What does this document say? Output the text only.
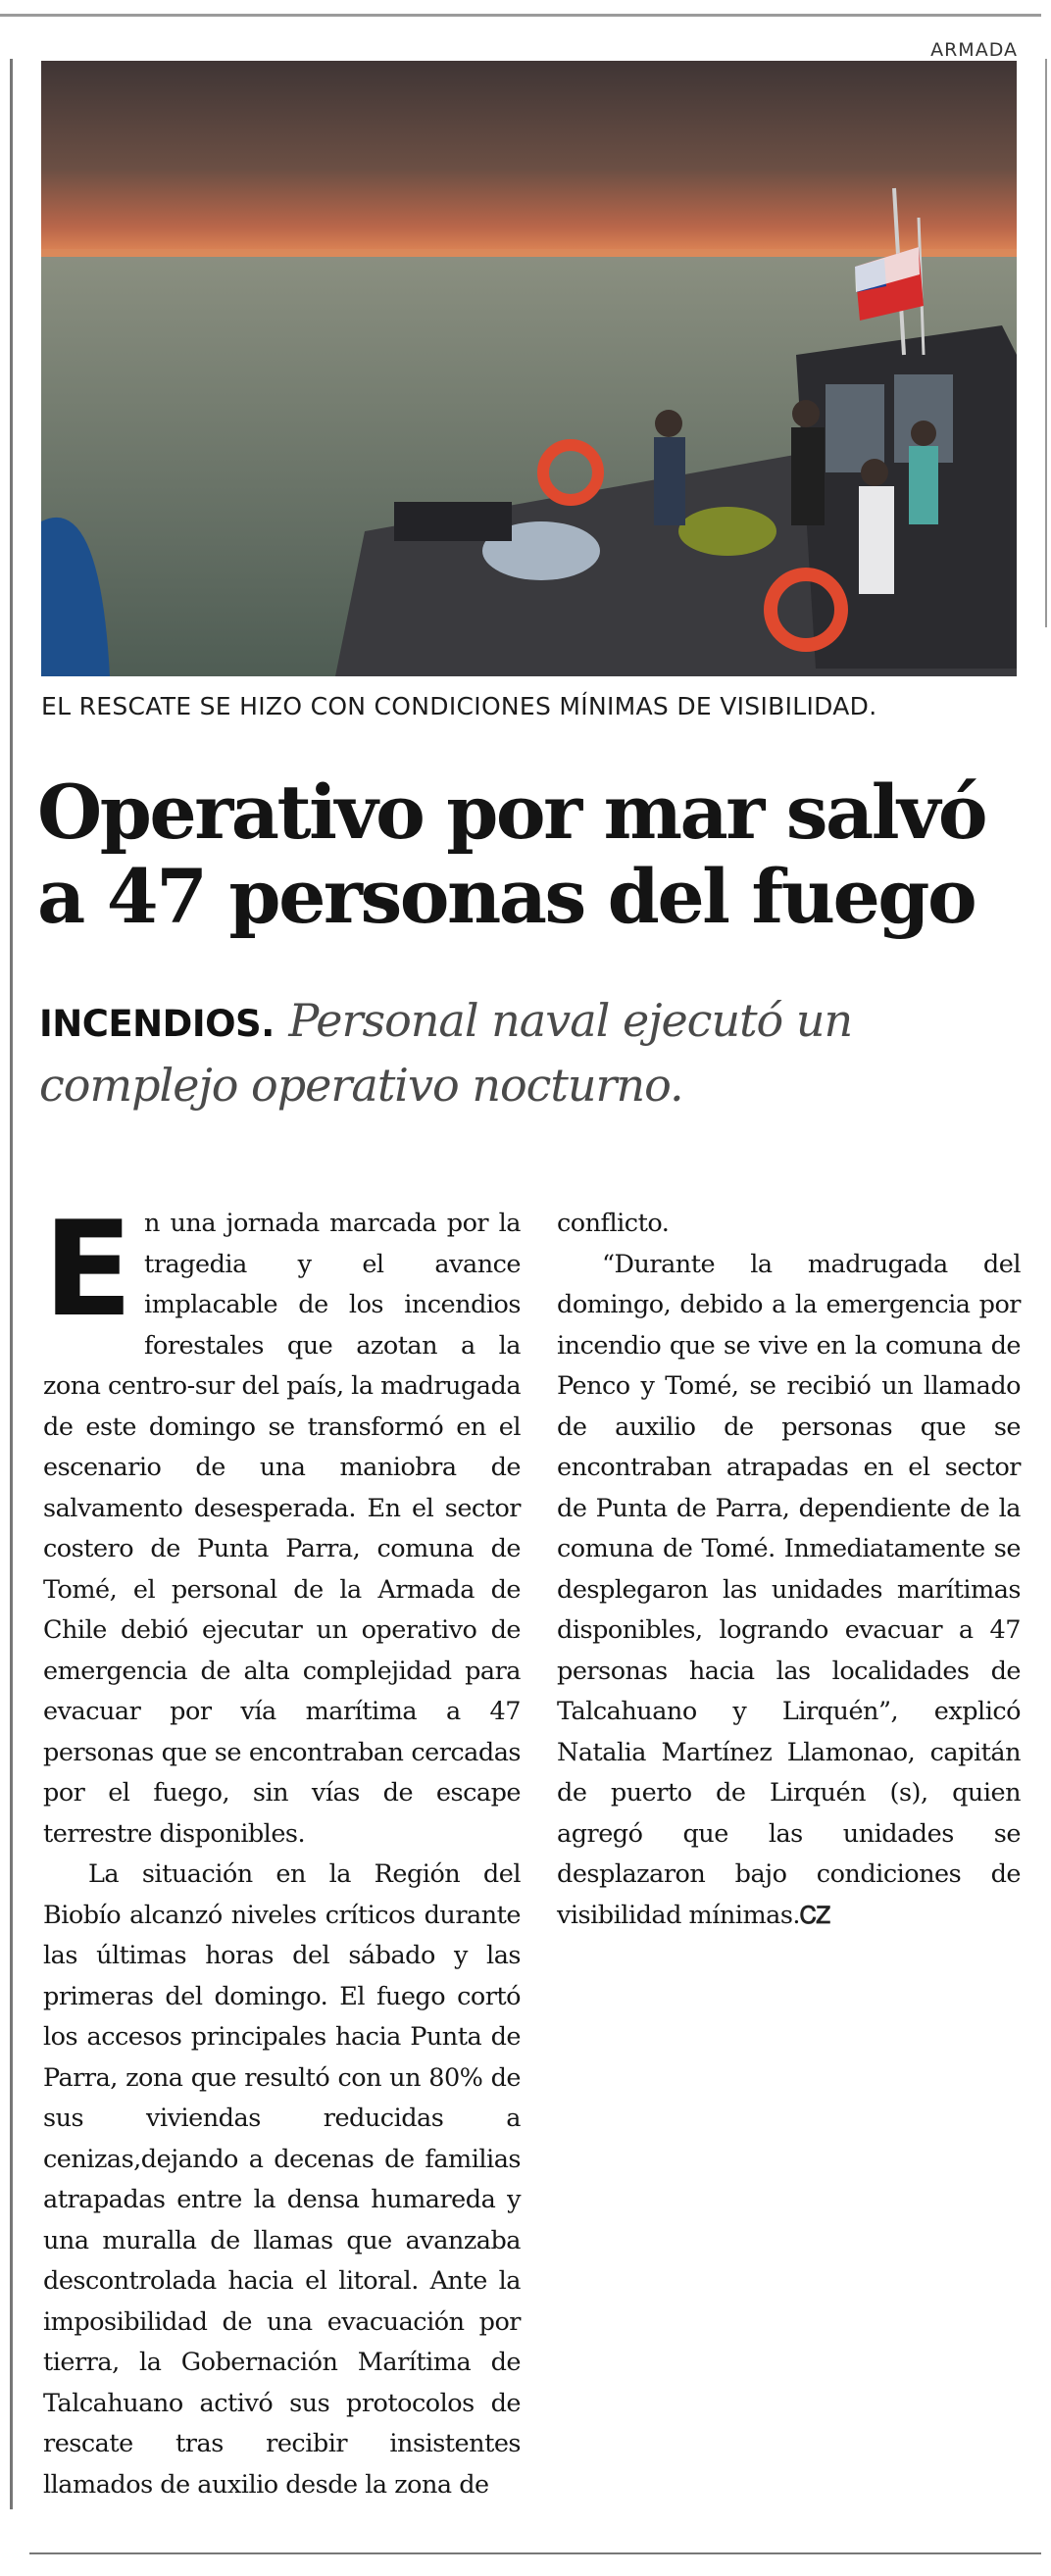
ARMADA
EL RESCATE SE HIZO CON CONDICIONES MÍNIMAS DE VISIBILIDAD.
Operativo por mar salvó a 47 personas del fuego

INCENDIOS. Personal naval ejecutó un complejo operativo nocturno.

En una jornada marcada por la tragedia y el avance implacable de los incendios forestales que azotan a la zona centro-sur del país, la madrugada de este domingo se transformó en el escenario de una maniobra de salvamento desesperada. En el sector costero de Punta Parra, comuna de Tomé, el personal de la Armada de Chile debió ejecutar un operativo de emergencia de alta complejidad para evacuar por vía marítima a 47 personas que se encontraban cercadas por el fuego, sin vías de escape terrestre disponibles.

La situación en la Región del Biobío alcanzó niveles críticos durante las últimas horas del sábado y las primeras del domingo. El fuego cortó los accesos principales hacia Punta de Parra, zona que resultó con un 80% de sus viviendas reducidas a cenizas,dejando a decenas de familias atrapadas entre la densa humareda y una muralla de llamas que avanzaba descontrolada hacia el litoral. Ante la imposibilidad de una evacuación por tierra, la Gobernación Marítima de Talcahuano activó sus protocolos de rescate tras recibir insistentes llamados de auxilio desde la zona de

conflicto.

“Durante la madrugada del domingo, debido a la emergencia por incendio que se vive en la comuna de Penco y Tomé, se recibió un llamado de auxilio de personas que se encontraban atrapadas en el sector de Punta de Parra, dependiente de la comuna de Tomé. Inmediatamente se desplegaron las unidades marítimas disponibles, logrando evacuar a 47 personas hacia las localidades de Talcahuano y Lirquén”, explicó Natalia Martínez Llamonao, capitán de puerto de Lirquén (s), quien agregó que las unidades se desplazaron bajo condiciones de visibilidad mínimas.ᏟᏃ
